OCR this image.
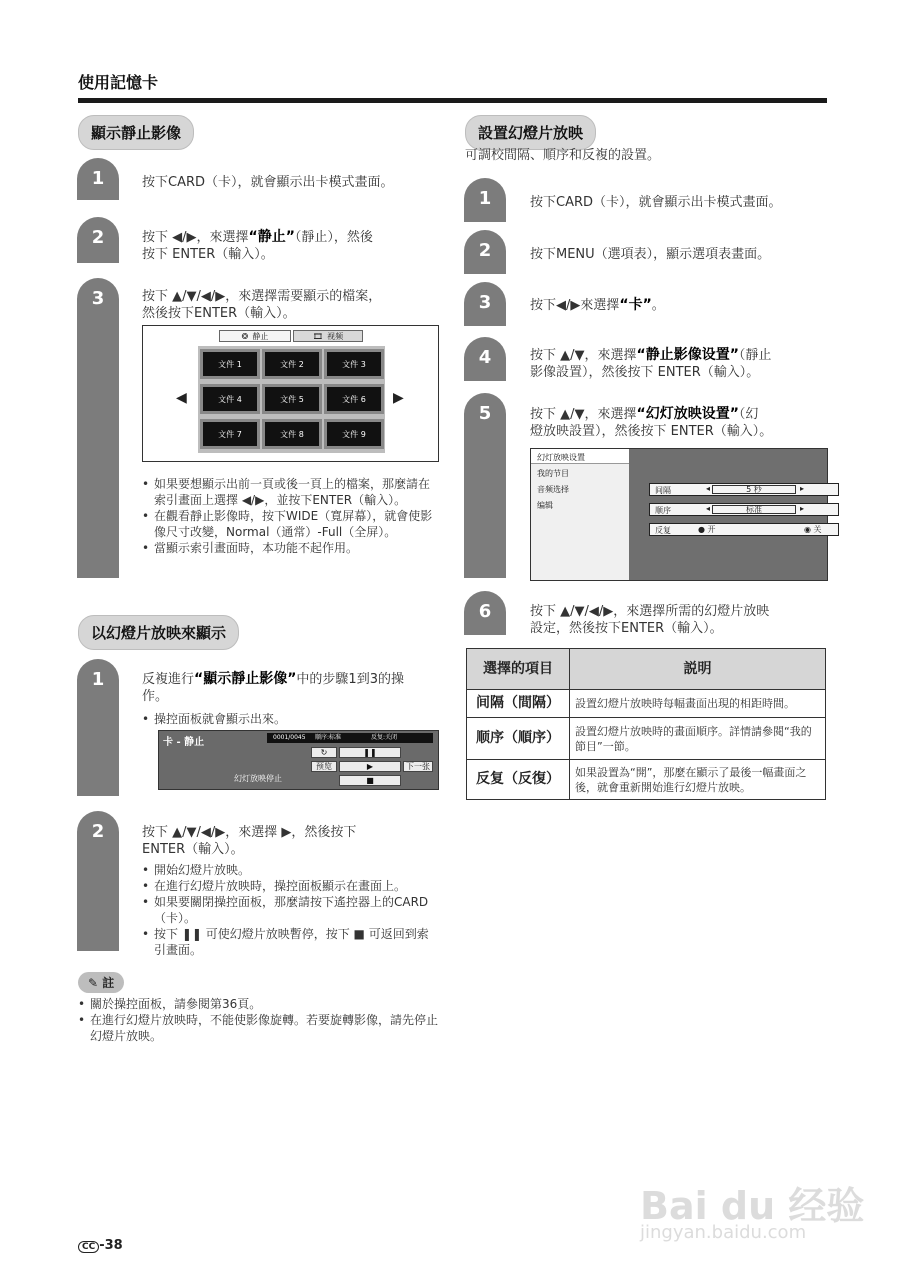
使用記憶卡
顯示靜止影像
1	按下CARD（卡），就會顯示出卡模式畫面。
2	按下 ◀/▶，來選擇“静止”（靜止），然後
按下 ENTER（輸入）。
3	按下 ▲/▼/◀/▶，來選擇需要顯示的檔案，
然後按下ENTER（輸入）。
❂ 静止	🎞 视频
文件 1	文件 2	文件 3
文件 4	文件 5	文件 6
文件 7	文件 8	文件 9
◀	▶
• 如果要想顯示出前一頁或後一頁上的檔案，那麼請在索引畫面上選擇 ◀/▶，並按下ENTER（輸入）。
• 在觀看靜止影像時，按下WIDE（寬屏幕），就會使影像尺寸改變，Normal（通常）-Full（全屏）。
• 當顯示索引畫面時，本功能不起作用。
以幻燈片放映來顯示
1	反複進行“顯示靜止影像”中的步驟1到3的操
作。
• 操控面板就會顯示出來。
卡 - 静止	0001/0045 顺序:标准	反复:关闭
↻	❚❚
预览	▶	下一张
■
幻灯放映停止
2	按下 ▲/▼/◀/▶，來選擇 ▶，然後按下
ENTER（輸入）。
• 開始幻燈片放映。
• 在進行幻燈片放映時，操控面板顯示在畫面上。
• 如果要關閉操控面板，那麼請按下遙控器上的CARD（卡）。
• 按下 ❚❚ 可使幻燈片放映暫停，按下 ■ 可返回到索引畫面。
✎ 註
• 關於操控面板，請參閱第36頁。
• 在進行幻燈片放映時，不能使影像旋轉。若要旋轉影像，請先停止幻燈片放映。
設置幻燈片放映
可調校間隔、順序和反複的設置。
1	按下CARD（卡），就會顯示出卡模式畫面。
2	按下MENU（選項表），顯示選項表畫面。
3	按下◀/▶來選擇“卡”。
4	按下 ▲/▼，來選擇“静止影像设置”（靜止
影像設置），然後按下 ENTER（輸入）。
5	按下 ▲/▼，來選擇“幻灯放映设置”（幻
燈放映設置），然後按下 ENTER（輸入）。
幻灯放映设置
我的节目
音频选择
编辑
间隔	◂	5 秒	▸
顺序	◂	标准	▸
反复	● 开	◉ 关
6	按下 ▲/▼/◀/▶，來選擇所需的幻燈片放映
設定，然後按下ENTER（輸入）。
選擇的項目	説明
间隔（間隔）	設置幻燈片放映時每幅畫面出現的相距時間。
顺序（順序）	設置幻燈片放映時的畫面順序。詳情請參閱“我的節目”一節。
反复（反復）	如果設置為“開”，那麼在顯示了最後一幅畫面之後，就會重新開始進行幻燈片放映。
CC -38
Bai du 经验
jingyan.baidu.com
